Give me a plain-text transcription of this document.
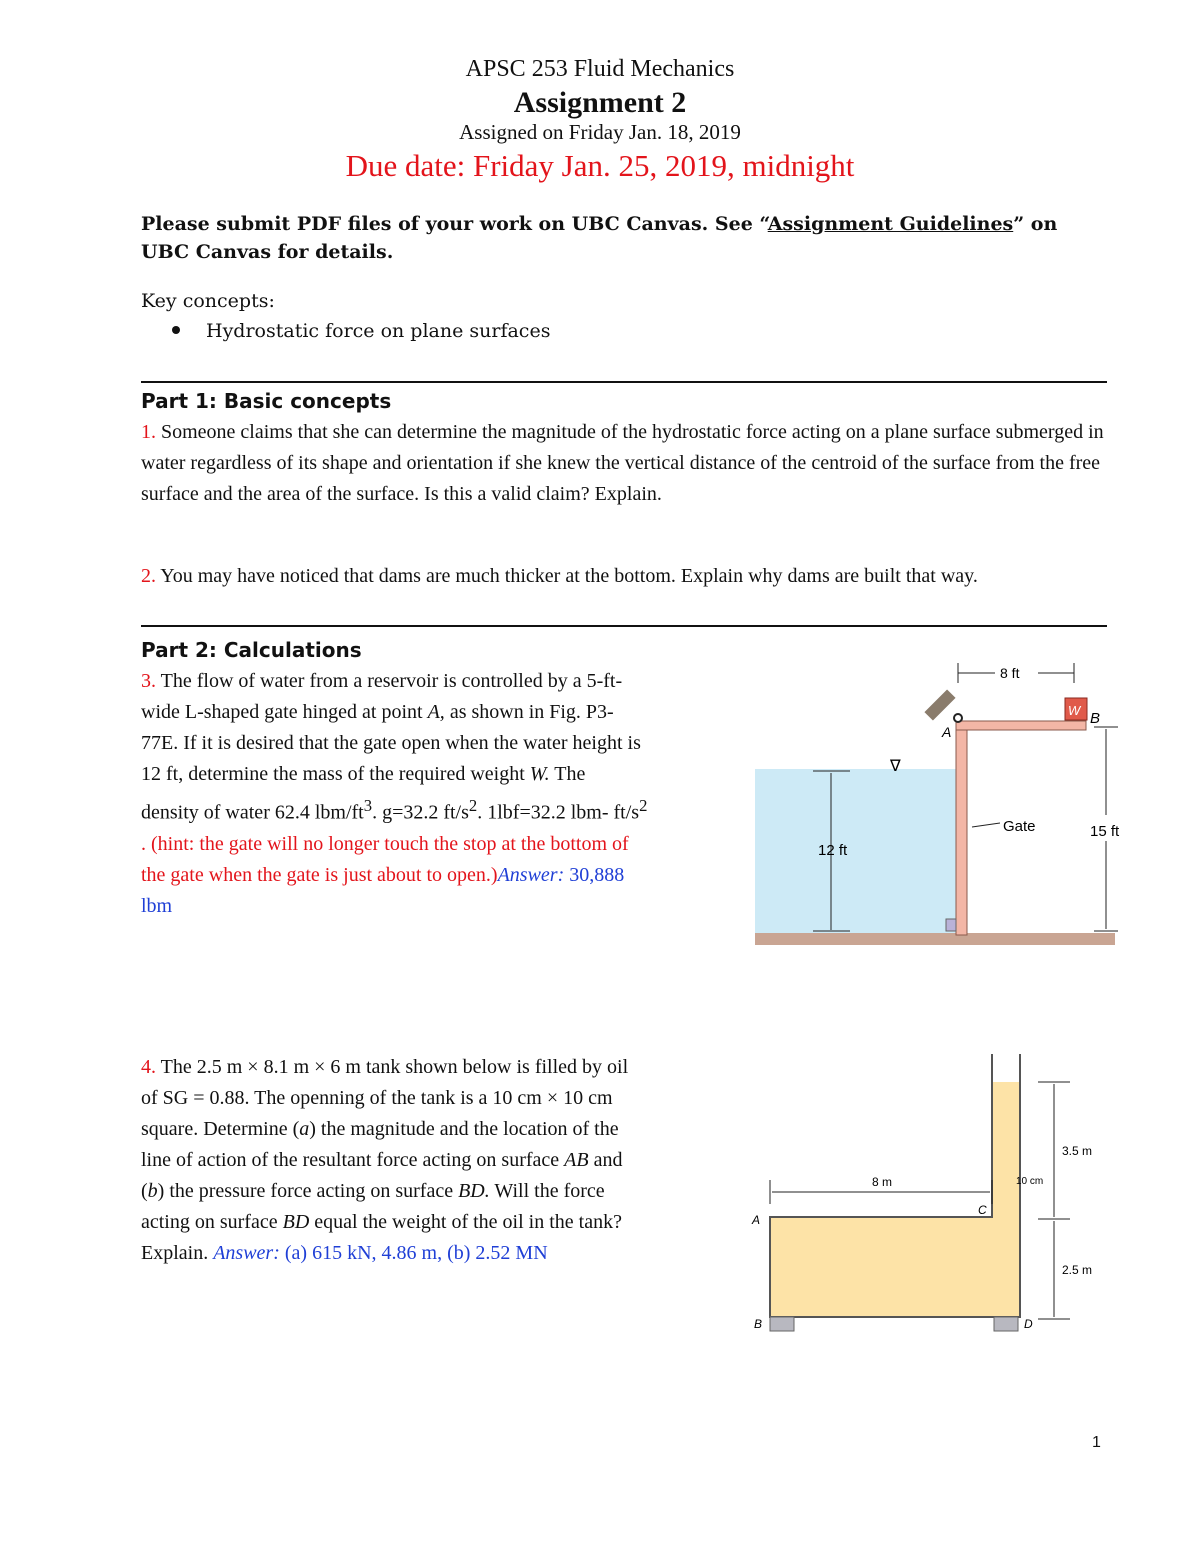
APSC 253 Fluid Mechanics
Assignment 2
Assigned on Friday Jan. 18, 2019
Due date: Friday Jan. 25, 2019, midnight
Please submit PDF files of your work on UBC Canvas. See “Assignment Guidelines” on UBC Canvas for details.
Key concepts:
Hydrostatic force on plane surfaces
Part 1: Basic concepts
1. Someone claims that she can determine the magnitude of the hydrostatic force acting on a plane surface submerged in water regardless of its shape and orientation if she knew the vertical distance of the centroid of the surface from the free surface and the area of the surface. Is this a valid claim? Explain.
2. You may have noticed that dams are much thicker at the bottom. Explain why dams are built that way.
Part 2: Calculations
3. The flow of water from a reservoir is controlled by a 5-ft-
wide L-shaped gate hinged at point A, as shown in Fig. P3-
77E. If it is desired that the gate open when the water height is
12 ft, determine the mass of the required weight W. The
density of water 62.4 lbm/$ft^3$. g=32.2 $ft/s^2$. 1lbf=32.2 lbm- $ft/s^2$
. (hint: the gate will no longer touch the stop at the bottom of
the gate when the gate is just about to open.)Answer: 30,888
lbm
4. The 2.5 m × 8.1 m × 6 m tank shown below is filled by oil
of SG = 0.88. The openning of the tank is a 10 cm × 10 cm
square. Determine (a) the magnitude and the location of the
line of action of the resultant force acting on surface AB and
(b) the pressure force acting on surface BD. Will the force
acting on surface BD equal the weight of the oil in the tank?
Explain. Answer: (a) 615 kN, 4.86 m, (b) 2.52 MN
A
W B
8 ft
∇
12 ft
15 ft
Gate
A
B
C
D
8 m	10 cm
3.5 m
2.5 m
1
